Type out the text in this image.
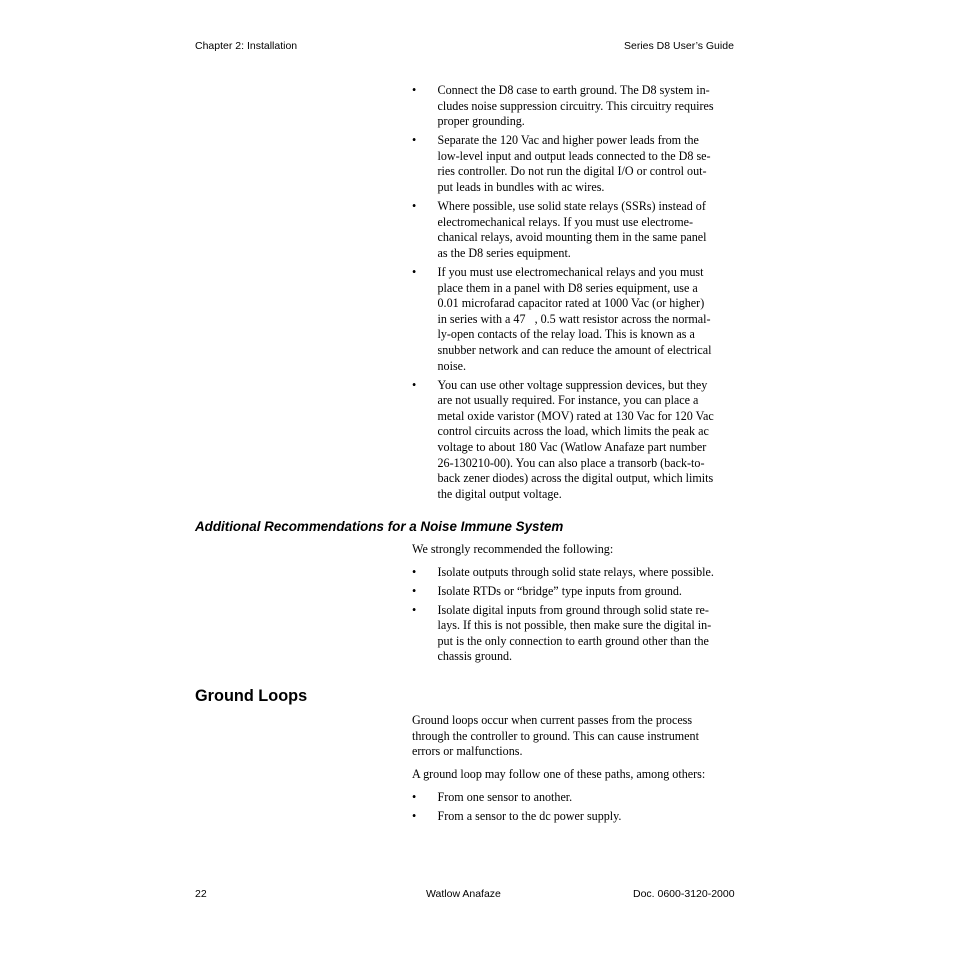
Chapter 2: Installation	Series D8 User’s Guide
•	Connect the D8 case to earth ground. The D8 system in-
cludes noise suppression circuitry. This circuitry requires
proper grounding.
•	Separate the 120 Vac and higher power leads from the
low-level input and output leads connected to the D8 se-
ries controller. Do not run the digital I/O or control out-
put leads in bundles with ac wires.
•	Where possible, use solid state relays (SSRs) instead of
electromechanical relays. If you must use electrome-
chanical relays, avoid mounting them in the same panel
as the D8 series equipment.
•	If you must use electromechanical relays and you must
place them in a panel with D8 series equipment, use a
0.01 microfarad capacitor rated at 1000 Vac (or higher)
in series with a 47   , 0.5 watt resistor across the normal-
ly-open contacts of the relay load. This is known as a
snubber network and can reduce the amount of electrical
noise.
•	You can use other voltage suppression devices, but they
are not usually required. For instance, you can place a
metal oxide varistor (MOV) rated at 130 Vac for 120 Vac
control circuits across the load, which limits the peak ac
voltage to about 180 Vac (Watlow Anafaze part number
26-130210-00). You can also place a transorb (back-to-
back zener diodes) across the digital output, which limits
the digital output voltage.
Additional Recommendations for a Noise Immune System

We strongly recommended the following:

•	Isolate outputs through solid state relays, where possible.
•	Isolate RTDs or “bridge” type inputs from ground.
•	Isolate digital inputs from ground through solid state re-
lays. If this is not possible, then make sure the digital in-
put is the only connection to earth ground other than the
chassis ground.
Ground Loops

Ground loops occur when current passes from the process
through the controller to ground. This can cause instrument
errors or malfunctions.

A ground loop may follow one of these paths, among others:

•	From one sensor to another.
•	From a sensor to the dc power supply.
22	Watlow Anafaze	Doc. 0600-3120-2000
